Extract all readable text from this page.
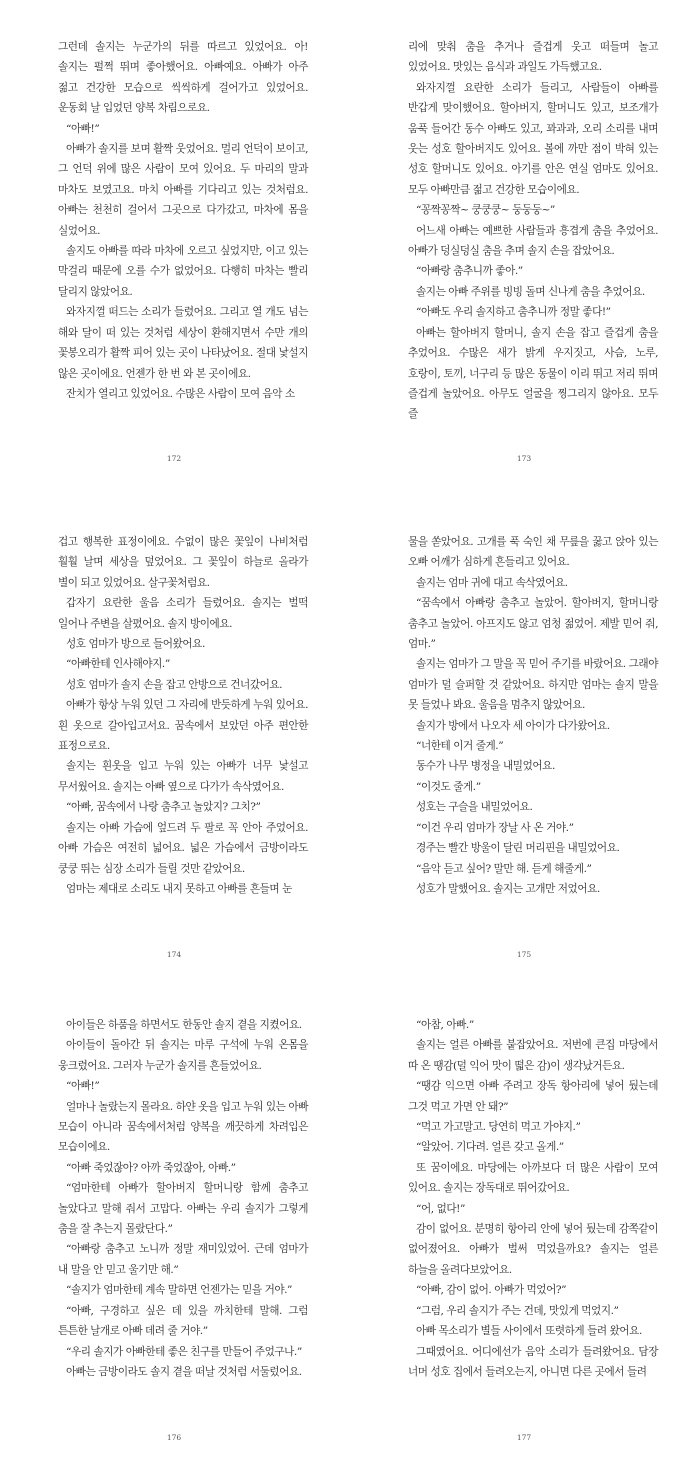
그런데 솔지는 누군가의 뒤를 따르고 있었어요. 아! 솔지는 펄쩍 뛰며 좋아했어요. 아빠예요. 아빠가 아주 젊고 건강한 모습으로 씩씩하게 걸어가고 있었어요. 운동회 날 입었던 양복 차림으로요.

“아빠!”

아빠가 솔지를 보며 활짝 웃었어요. 멀리 언덕이 보이고, 그 언덕 위에 많은 사람이 모여 있어요. 두 마리의 말과 마차도 보였고요. 마치 아빠를 기다리고 있는 것처럼요. 아빠는 천천히 걸어서 그곳으로 다가갔고, 마차에 몸을 실었어요.

솔지도 아빠를 따라 마차에 오르고 싶었지만, 이고 있는 막걸리 때문에 오를 수가 없었어요. 다행히 마차는 빨리 달리지 않았어요.

와자지껄 떠드는 소리가 들렸어요. 그리고 열 개도 넘는 해와 달이 떠 있는 것처럼 세상이 환해지면서 수만 개의 꽃봉오리가 활짝 피어 있는 곳이 나타났어요. 절대 낯설지 않은 곳이에요. 언젠가 한 번 와 본 곳이에요.

잔치가 열리고 있었어요. 수많은 사람이 모여 음악 소

172

리에 맞춰 춤을 추거나 즐겁게 웃고 떠들며 놀고 있었어요. 맛있는 음식과 과일도 가득했고요.

와자지껄 요란한 소리가 들리고, 사람들이 아빠를 반갑게 맞이했어요. 할아버지, 할머니도 있고, 보조개가 움푹 들어간 동수 아빠도 있고, 꽈과과, 오리 소리를 내며 웃는 성호 할아버지도 있어요. 볼에 까만 점이 박혀 있는 성호 할머니도 있어요. 아기를 안은 연실 엄마도 있어요. 모두 아빠만큼 젊고 건강한 모습이에요.

“꽁짝꽁짝~ 쿵쿵쿵~ 둥둥둥~”

어느새 아빠는 예쁘한 사람들과 흥겹게 춤을 추었어요. 아빠가 덩실덩실 춤을 추며 솔지 손을 잡았어요.

“아빠랑 춤추니까 좋아.”

솔지는 아빠 주위를 빙빙 돌며 신나게 춤을 추었어요.

“아빠도 우리 솔지하고 춤추니까 정말 좋다!”

아빠는 할아버지 할머니, 솔지 손을 잡고 즐겁게 춤을 추었어요. 수많은 새가 밝게 우지짓고, 사슴, 노루, 호랑이, 토끼, 너구리 등 많은 동물이 이리 뛰고 저리 뛰며 즐겁게 놀았어요. 아무도 얼굴을 찡그리지 않아요. 모두 즐

173

겁고 행복한 표정이에요. 수없이 많은 꽃잎이 나비처럼 훨훨 날며 세상을 덮었어요. 그 꽃잎이 하늘로 올라가 별이 되고 있었어요. 살구꽃처럼요.

갑자기 요란한 울음 소리가 들렸어요. 솔지는 벌떡 일어나 주변을 살폈어요. 솔지 방이에요.

성호 엄마가 방으로 들어왔어요.

“아빠한테 인사해야지.”

성호 엄마가 솔지 손을 잡고 안방으로 건너갔어요.

아빠가 항상 누워 있던 그 자리에 반듯하게 누워 있어요. 흰 옷으로 갈아입고서요. 꿈속에서 보았던 아주 편안한 표정으로요.

솔지는 흰옷을 입고 누워 있는 아빠가 너무 낯설고 무서웠어요. 솔지는 아빠 옆으로 다가가 속삭였어요.

“아빠, 꿈속에서 나랑 춤추고 놀았지? 그치?”

솔지는 아빠 가슴에 엎드려 두 팔로 꼭 안아 주었어요. 아빠 가슴은 여전히 넓어요. 넓은 가슴에서 금방이라도 쿵쿵 뛰는 심장 소리가 들릴 것만 같았어요.

엄마는 제대로 소리도 내지 못하고 아빠를 흔들며 눈

174

물을 쏟았어요. 고개를 푹 숙인 채 무릎을 꿇고 앉아 있는 오빠 어깨가 심하게 흔들리고 있어요.

솔지는 엄마 귀에 대고 속삭였어요.

“꿈속에서 아빠랑 춤추고 놀았어. 할아버지, 할머니랑 춤추고 놀았어. 아프지도 않고 엄청 젊었어. 제발 믿어 줘, 엄마.”

솔지는 엄마가 그 말을 꼭 믿어 주기를 바랐어요. 그래야 엄마가 덜 슬퍼할 것 같았어요. 하지만 엄마는 솔지 말을 못 들었나 봐요. 울음을 멈추지 않았어요.

솔지가 방에서 나오자 세 아이가 다가왔어요.

“너한테 이거 줄게.”

동수가 나무 병정을 내밀었어요.

“이것도 줄게.”

성호는 구슬을 내밀었어요.

“이건 우리 엄마가 장날 사 온 거야.”

경주는 빨간 방울이 달린 머리핀을 내밀었어요.

“음악 듣고 싶어? 말만 해. 듣게 해줄게.”

성호가 말했어요. 솔지는 고개만 저었어요.

175

아이들은 하품을 하면서도 한동안 솔지 곁을 지켰어요.

아이들이 돌아간 뒤 솔지는 마루 구석에 누워 온몸을 웅크렸어요. 그러자 누군가 솔지를 흔들었어요.

“아빠!”

얼마나 놀랐는지 몰라요. 하얀 옷을 입고 누워 있는 아빠 모습이 아니라 꿈속에서처럼 양복을 깨끗하게 차려입은 모습이에요.

“아빠 죽었잖아? 아까 죽었잖아, 아빠.”

“엄마한테 아빠가 할아버지 할머니랑 함께 춤추고 놀았다고 말해 줘서 고맙다. 아빠는 우리 솔지가 그렇게 춤을 잘 추는지 몰랐단다.”

“아빠랑 춤추고 노니까 정말 재미있었어. 근데 엄마가 내 말을 안 믿고 울기만 해.”

“솔지가 엄마한테 계속 말하면 언젠가는 믿을 거야.”

“아빠, 구경하고 싶은 데 있을 까치한테 말해. 그럼 튼튼한 날개로 아빠 데려 줄 거야.”

“우리 솔지가 아빠한테 좋은 친구를 만들어 주었구나.”

아빠는 금방이라도 솔지 곁을 떠날 것처럼 서둘렀어요.

176

“아참, 아빠.”

솔지는 얼른 아빠를 붙잡았어요. 저번에 큰집 마당에서 따 온 땡감(덜 익어 맛이 떫은 감)이 생각났거든요.

“땡감 익으면 아빠 주려고 장독 항아리에 넣어 뒀는데 그것 먹고 가면 안 돼?”

“먹고 가고말고. 당연히 먹고 가야지.”

“알았어. 기다려. 얼른 갖고 올게.”

또 꿈이에요. 마당에는 아까보다 더 많은 사람이 모여 있어요. 솔지는 장독대로 뛰어갔어요.

“어, 없다!”

감이 없어요. 분명히 항아리 안에 넣어 뒀는데 감쪽같이 없어졌어요. 아빠가 벌써 먹었을까요? 솔지는 얼른 하늘을 올려다보았어요.

“아빠, 감이 없어. 아빠가 먹었어?”

“그럼, 우리 솔지가 주는 건데, 맛있게 먹었지.”

아빠 목소리가 별들 사이에서 또렷하게 들려 왔어요.

그때였어요. 어디에선가 음악 소리가 들려왔어요. 담장 너머 성호 집에서 들려오는지, 아니면 다른 곳에서 들려

177
